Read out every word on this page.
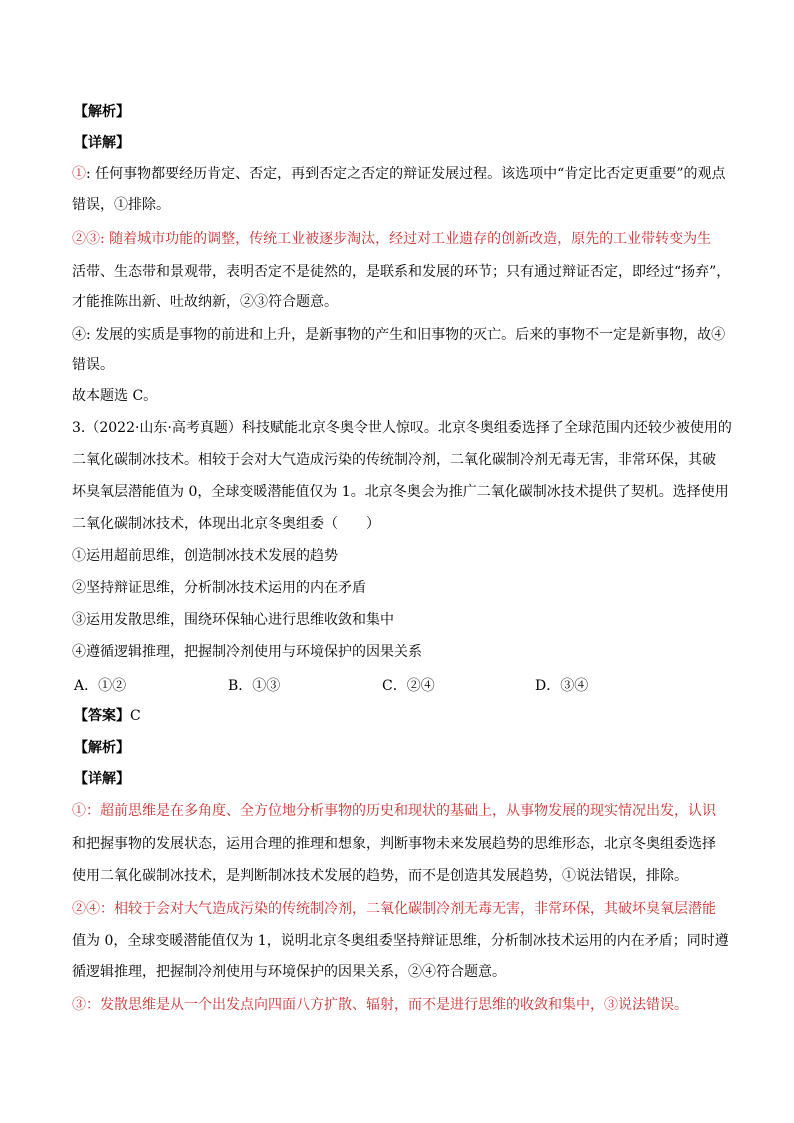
【解析】
【详解】
①: 任何事物都要经历肯定、否定，再到否定之否定的辩证发展过程。该选项中“肯定比否定更重要”的观点
错误，①排除。
②③: 随着城市功能的调整，传统工业被逐步淘汰，经过对工业遗存的创新改造，原先的工业带转变为生
活带、生态带和景观带，表明否定不是徒然的，是联系和发展的环节；只有通过辩证否定，即经过“扬弃”，
才能推陈出新、吐故纳新，②③符合题意。
④: 发展的实质是事物的前进和上升，是新事物的产生和旧事物的灭亡。后来的事物不一定是新事物，故④
错误。
故本题选 C。
3.（2022·山东·高考真题）科技赋能北京冬奥令世人惊叹。北京冬奥组委选择了全球范围内还较少被使用的
二氧化碳制冰技术。相较于会对大气造成污染的传统制冷剂，二氧化碳制冷剂无毒无害，非常环保，其破
坏臭氧层潜能值为 0，全球变暖潜能值仅为 1。北京冬奥会为推广二氧化碳制冰技术提供了契机。选择使用
二氧化碳制冰技术，体现出北京冬奥组委（　　）
①运用超前思维，创造制冰技术发展的趋势
②坚持辩证思维，分析制冰技术运用的内在矛盾
③运用发散思维，围绕环保轴心进行思维收敛和集中
④遵循逻辑推理，把握制冷剂使用与环境保护的因果关系
A．①②	B．①③	C．②④	D．③④
【答案】C
【解析】
【详解】
①：超前思维是在多角度、全方位地分析事物的历史和现状的基础上，从事物发展的现实情况出发，认识
和把握事物的发展状态，运用合理的推理和想象，判断事物未来发展趋势的思维形态，北京冬奥组委选择
使用二氧化碳制冰技术，是判断制冰技术发展的趋势，而不是创造其发展趋势，①说法错误，排除。
②④：相较于会对大气造成污染的传统制冷剂，二氧化碳制冷剂无毒无害，非常环保，其破坏臭氧层潜能
值为 0，全球变暖潜能值仅为 1，说明北京冬奥组委坚持辩证思维，分析制冰技术运用的内在矛盾；同时遵
循逻辑推理，把握制冷剂使用与环境保护的因果关系，②④符合题意。
③：发散思维是从一个出发点向四面八方扩散、辐射，而不是进行思维的收敛和集中，③说法错误。
